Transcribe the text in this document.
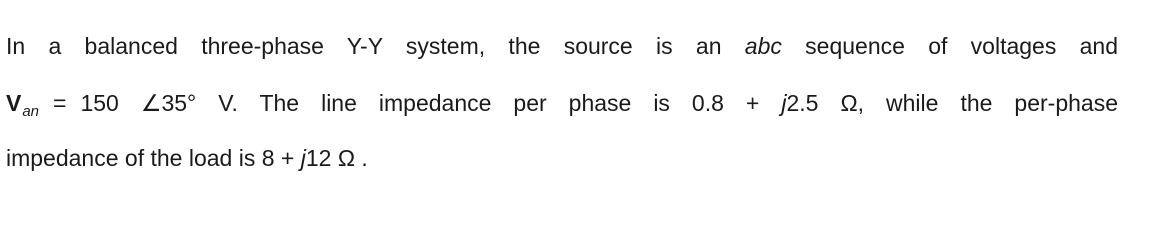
In a balanced three-phase Y-Y system, the source is an abc sequence of voltages and
$V_{an} = 150$ ∠35° V. The line impedance per phase is 0.8 + j2.5 Ω, while the per-phase
impedance of the load is 8 + j12 Ω .
